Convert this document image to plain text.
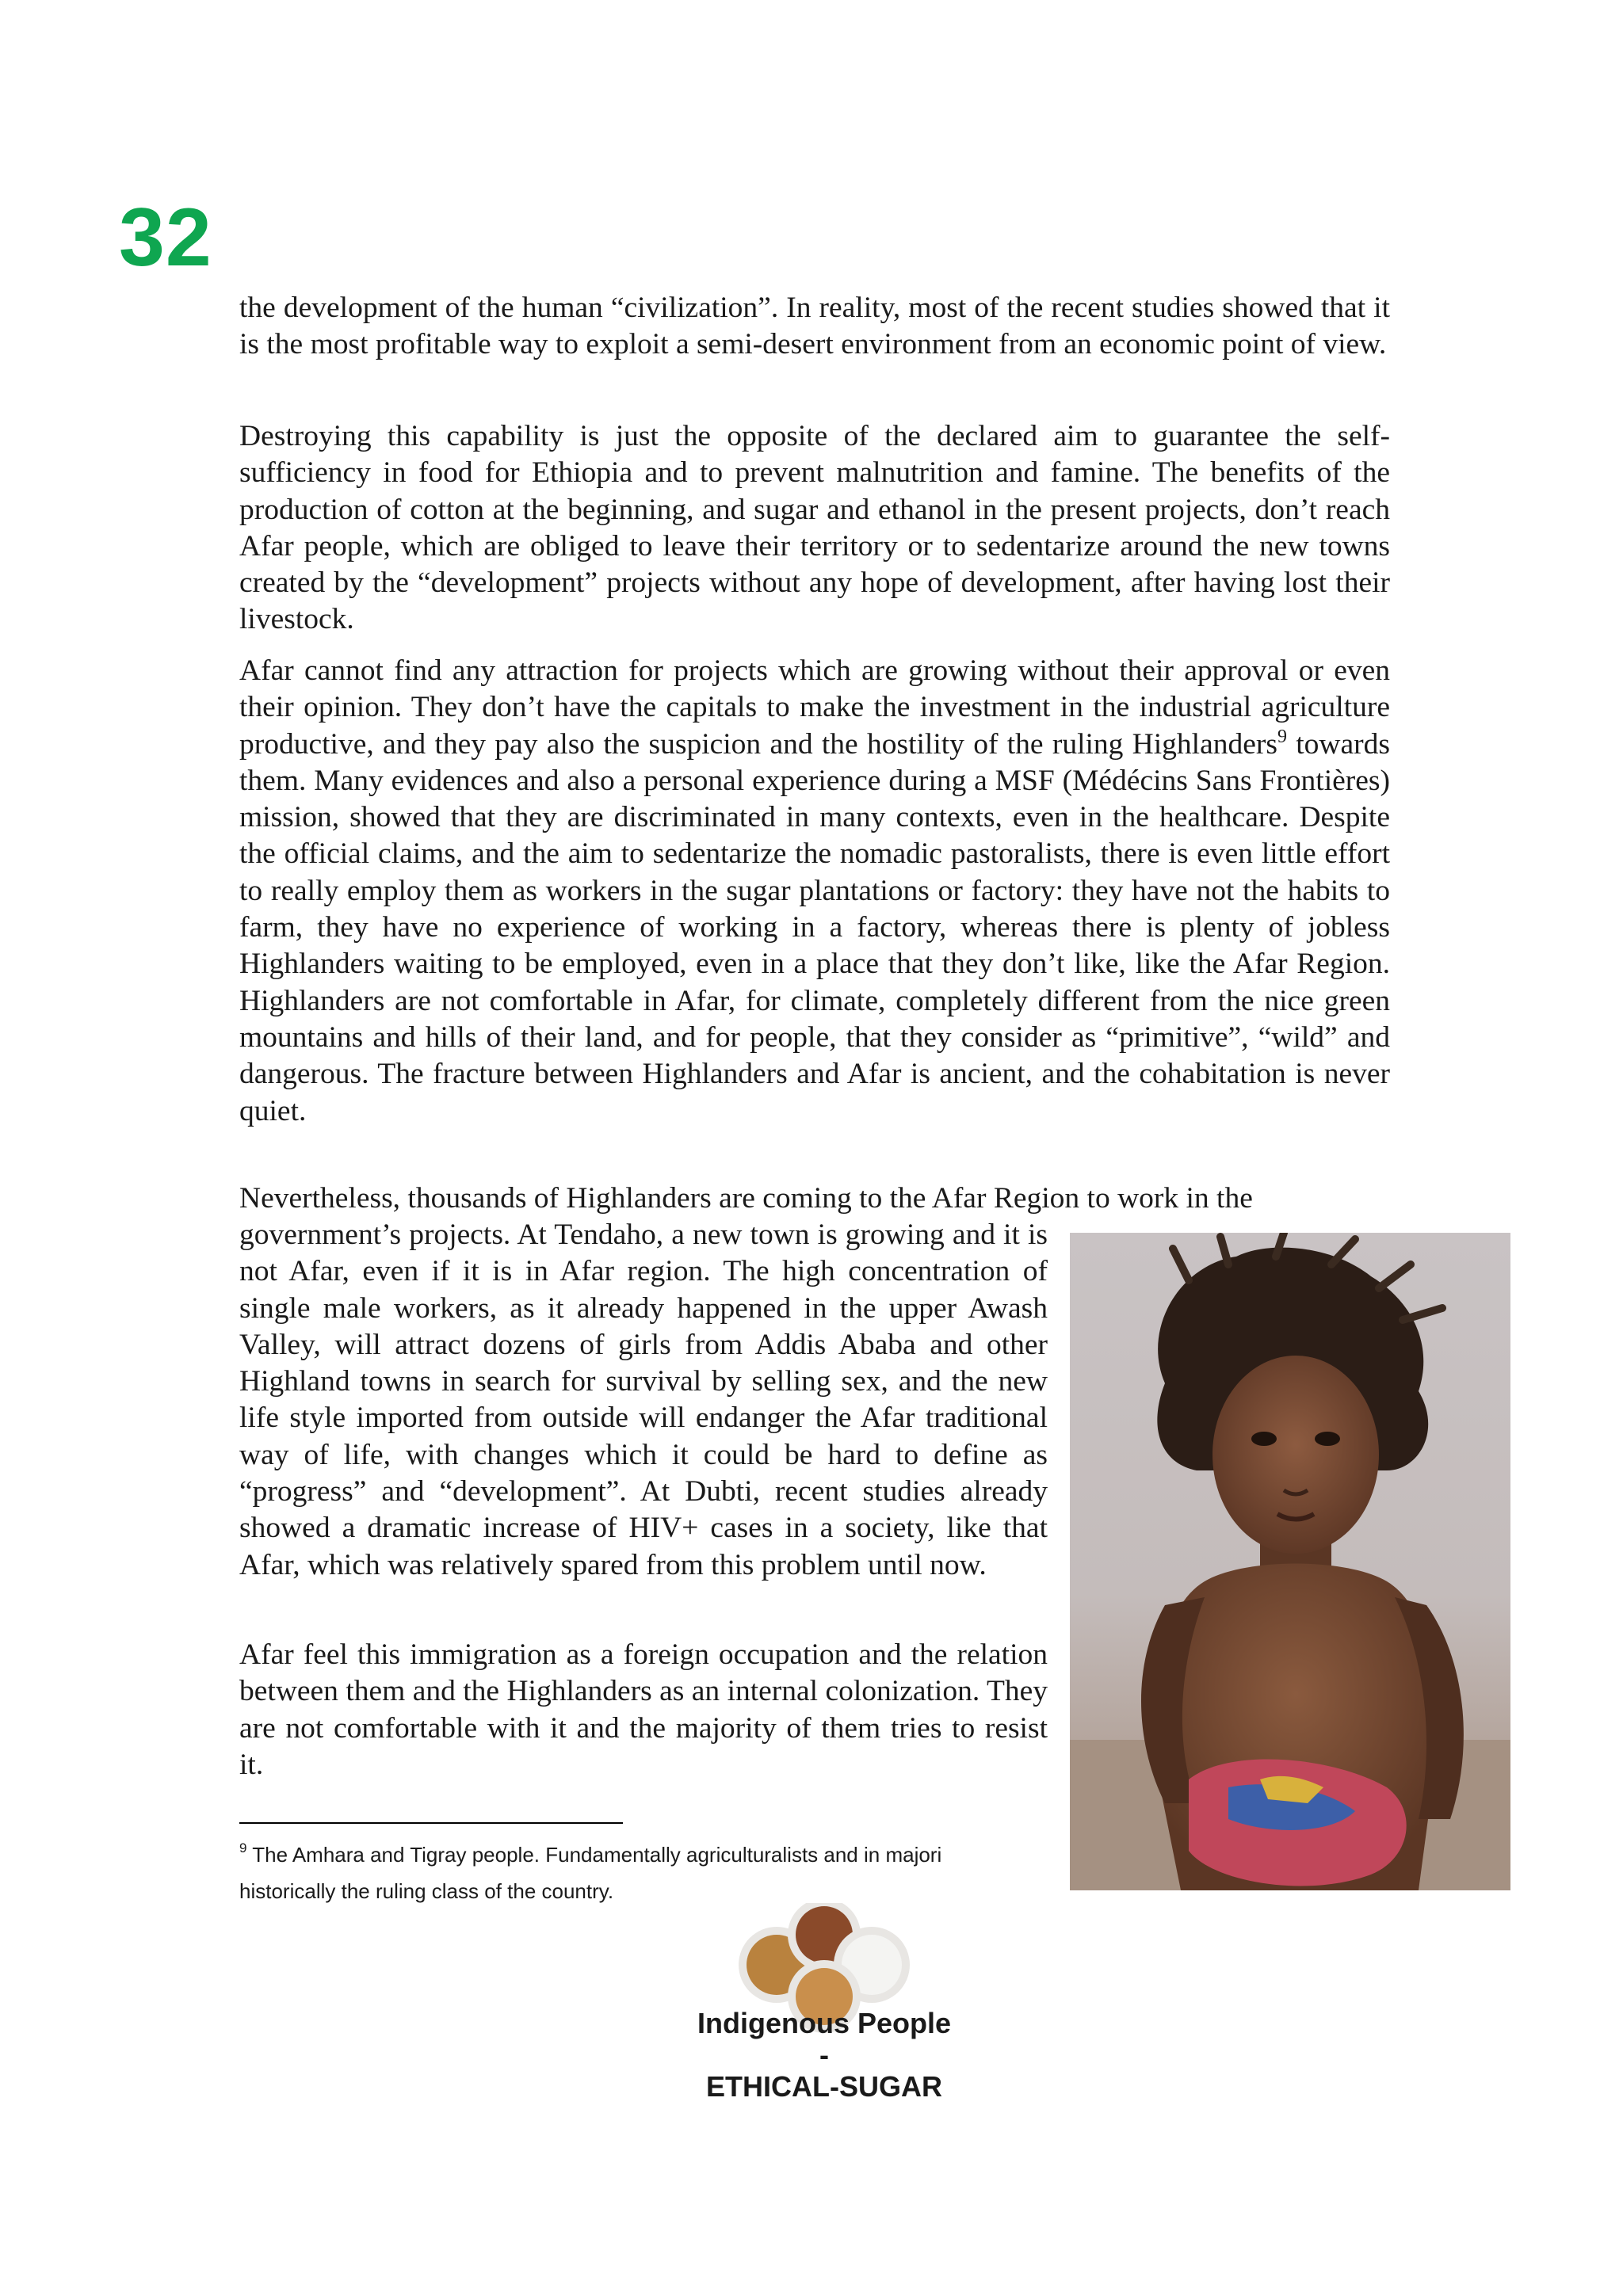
32

the development of the human “civilization”. In reality, most of the recent studies showed that it is the most profitable way to exploit a semi-desert environment from an economic point of view.

Destroying this capability is just the opposite of the declared aim to guarantee the self-sufficiency in food for Ethiopia and to prevent malnutrition and famine. The benefits of the production of cotton at the beginning, and sugar and ethanol in the present projects, don’t reach Afar people, which are obliged to leave their territory or to sedentarize around the new towns created by the “development” projects without any hope of development, after having lost their livestock.

Afar cannot find any attraction for projects which are growing without their approval or even their opinion. They don’t have the capitals to make the investment in the industrial agriculture productive, and they pay also the suspicion and the hostility of the ruling Highlanders$^9$ towards them. Many evidences and also a personal experience during a MSF (Médécins Sans Frontières) mission, showed that they are discriminated in many contexts, even in the healthcare. Despite the official claims, and the aim to sedentarize the nomadic pastoralists, there is even little effort to really employ them as workers in the sugar plantations or factory: they have not the habits to farm, they have no experience of working in a factory, whereas there is plenty of jobless Highlanders waiting to be employed, even in a place that they don’t like, like the Afar Region. Highlanders are not comfortable in Afar, for climate, completely different from the nice green mountains and hills of their land, and for people, that they consider as “primitive”, “wild” and dangerous. The fracture between Highlanders and Afar is ancient, and the cohabitation is never quiet.

Nevertheless, thousands of Highlanders are coming to the Afar Region to work in the

government’s projects. At Tendaho, a new town is growing and it is not Afar, even if it is in Afar region. The high concentration of single male workers, as it already happened in the upper Awash Valley, will attract dozens of girls from Addis Ababa and other Highland towns in search for survival by selling sex, and the new life style imported from outside will endanger the Afar traditional way of life, with changes which it could be hard to define as “progress” and “development”. At Dubti, recent studies already showed a dramatic increase of HIV+ cases in a society, like that Afar, which was relatively spared from this problem until now.

Afar feel this immigration as a foreign occupation and the relation between them and the Highlanders as an internal colonization. They are not comfortable with it and the majority of them tries to resist it.

$^9$ The Amhara and Tigray people. Fundamentally agriculturalists and in majori
historically the ruling class of the country.
Indigenous People
-
ETHICAL-SUGAR
